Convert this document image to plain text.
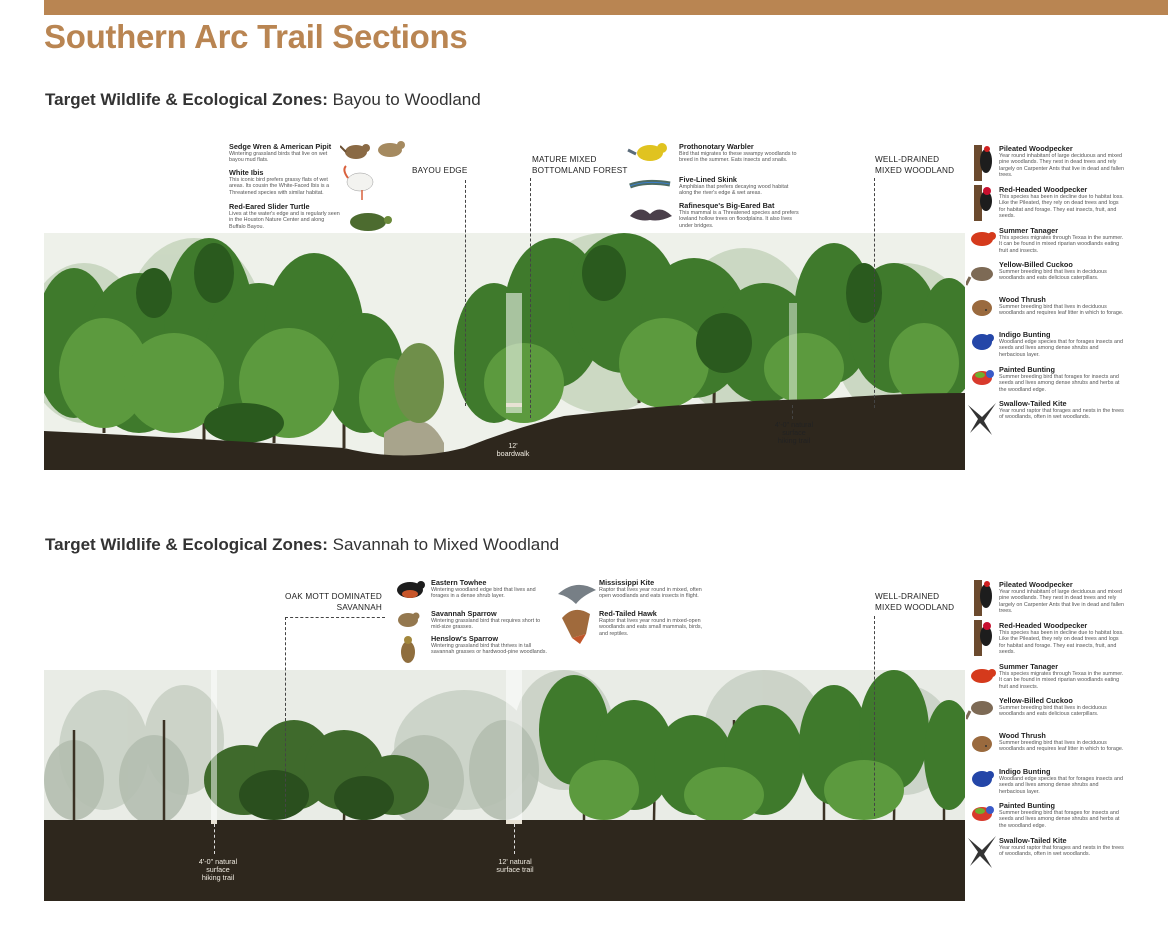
Southern Arc Trail Sections
Target Wildlife & Ecological Zones: Bayou to Woodland
BAYOU EDGE
MATURE MIXED
BOTTOMLAND FOREST
WELL-DRAINED
MIXED WOODLAND
12'
boardwalk
4'-0" natural
surface
hiking trail
Sedge Wren & American Pipit
Wintering grassland birds that live on wet bayou mud flats.
White Ibis
This iconic bird prefers grassy flats of wet areas. Its cousin the White-Faced Ibis is a Threatened species with similar habitat.
Red-Eared Slider Turtle
Lives at the water's edge and is regularly seen in the Houston Nature Center and along Buffalo Bayou.
Prothonotary Warbler
Bird that migrates to these swampy woodlands to breed in the summer. Eats insects and snails.
Five-Lined Skink
Amphibian that prefers decaying wood habitat along the river's edge & wet areas.
Rafinesque's Big-Eared Bat
This mammal is a Threatened species and prefers lowland hollow trees on floodplains. It also lives under bridges.
Pileated Woodpecker
Year round inhabitant of large deciduous and mixed pine woodlands. They nest in dead trees and rely largely on Carpenter Ants that live in dead and fallen trees.
Red-Headed Woodpecker
This species has been in decline due to habitat loss. Like the Pileated, they rely on dead trees and logs for habitat and forage. They eat insects, fruit, and seeds.
Summer Tanager
This species migrates through Texas in the summer. It can be found in mixed riparian woodlands eating fruit and insects.
Yellow-Billed Cuckoo
Summer breeding bird that lives in deciduous woodlands and eats delicious caterpillars.
Wood Thrush
Summer breeding bird that lives in deciduous woodlands and requires leaf litter in which to forage.
Indigo Bunting
Woodland edge species that for forages insects and seeds and lives among dense shrubs and herbacious layer.
Painted Bunting
Summer breeding bird that forages for insects and seeds and lives among dense shrubs and herbs at the woodland edge.
Swallow-Tailed Kite
Year round raptor that forages and nests in the trees of woodlands, often in wet woodlands.
Target Wildlife & Ecological Zones: Savannah to Mixed Woodland
OAK MOTT DOMINATED
SAVANNAH
WELL-DRAINED
MIXED WOODLAND
4'-0" natural
surface
hiking trail
12' natural
surface trail
Eastern Towhee
Wintering woodland edge bird that lives and forages in a dense shrub layer.
Savannah Sparrow
Wintering grassland bird that requires short to mid-size grasses.
Henslow's Sparrow
Wintering grassland bird that thrives in tall savannah grasses or hardwood-pine woodlands.
Mississippi Kite
Raptor that lives year round in mixed, often open woodlands and eats insects in flight.
Red-Tailed Hawk
Raptor that lives year round in mixed-open woodlands and eats small mammals, birds, and reptiles.
Pileated Woodpecker
Year round inhabitant of large deciduous and mixed pine woodlands. They nest in dead trees and rely largely on Carpenter Ants that live in dead and fallen trees.
Red-Headed Woodpecker
This species has been in decline due to habitat loss. Like the Pileated, they rely on dead trees and logs for habitat and forage. They eat insects, fruit, and seeds.
Summer Tanager
This species migrates through Texas in the summer. It can be found in mixed riparian woodlands eating fruit and insects.
Yellow-Billed Cuckoo
Summer breeding bird that lives in deciduous woodlands and eats delicious caterpillars.
Wood Thrush
Summer breeding bird that lives in deciduous woodlands and requires leaf litter in which to forage.
Indigo Bunting
Woodland edge species that for forages insects and seeds and lives among dense shrubs and herbacious layer.
Painted Bunting
Summer breeding bird that forages for insects and seeds and lives among dense shrubs and herbs at the woodland edge.
Swallow-Tailed Kite
Year round raptor that forages and nests in the trees of woodlands, often in wet woodlands.
